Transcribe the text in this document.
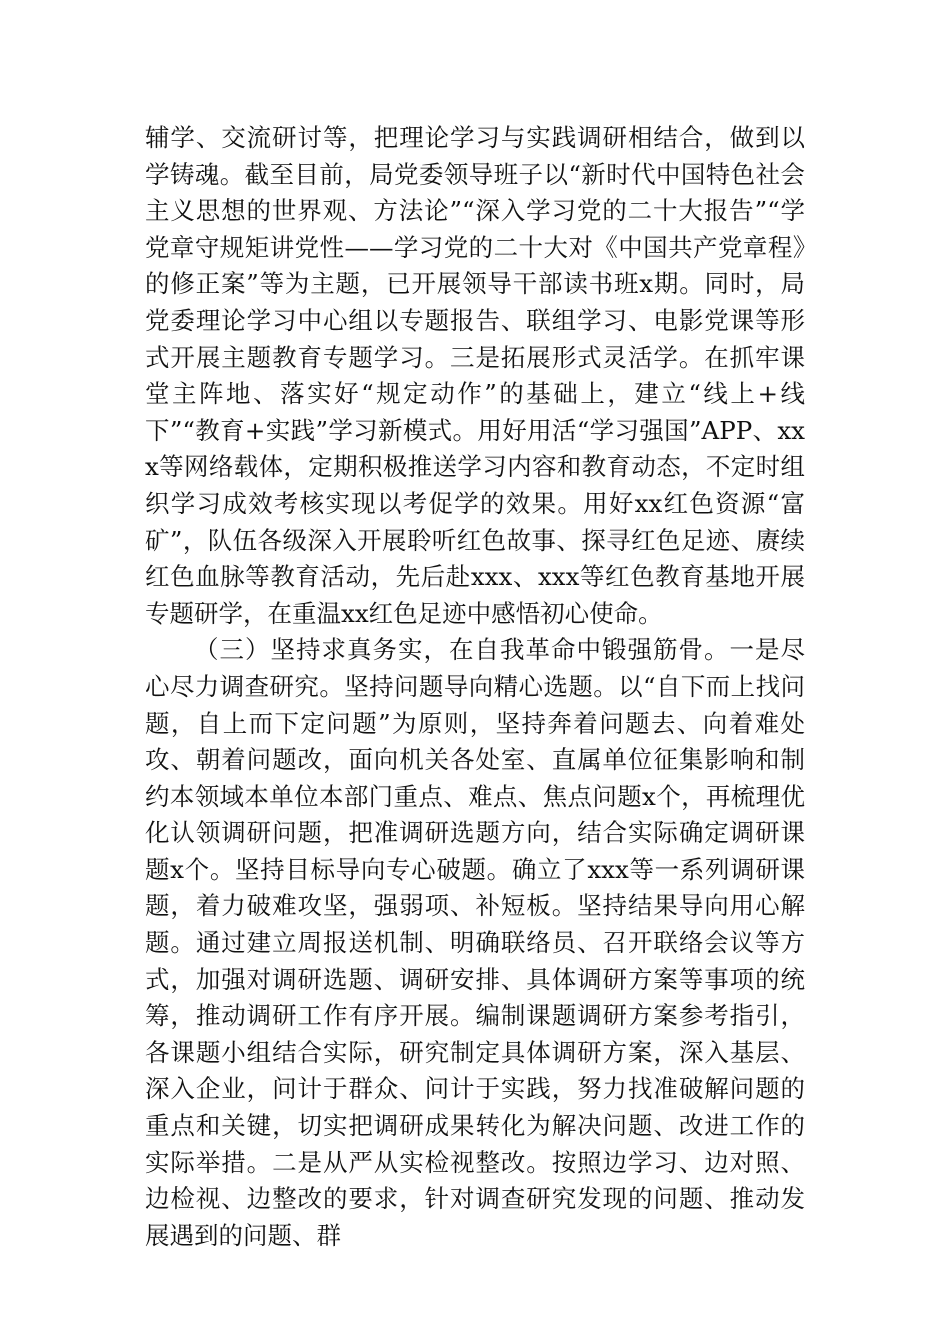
辅学、交流研讨等，把理论学习与实践调研相结合，做到以学铸魂。截至目前，局党委领导班子以“新时代中国特色社会主义思想的世界观、方法论”“深入学习党的二十大报告”“学党章守规矩讲党性——学习党的二十大对《中国共产党章程》的修正案”等为主题，已开展领导干部读书班x期。同时，局党委理论学习中心组以专题报告、联组学习、电影党课等形式开展主题教育专题学习。三是拓展形式灵活学。在抓牢课堂主阵地、落实好“规定动作”的基础上，建立“线上+线下”“教育+实践”学习新模式。用好用活“学习强国”APP、xxx等网络载体，定期积极推送学习内容和教育动态，不定时组织学习成效考核实现以考促学的效果。用好xx红色资源“富矿”，队伍各级深入开展聆听红色故事、探寻红色足迹、赓续红色血脉等教育活动，先后赴xxx、xxx等红色教育基地开展专题研学，在重温xx红色足迹中感悟初心使命。

（三）坚持求真务实，在自我革命中锻强筋骨。一是尽心尽力调查研究。坚持问题导向精心选题。以“自下而上找问题，自上而下定问题”为原则，坚持奔着问题去、向着难处攻、朝着问题改，面向机关各处室、直属单位征集影响和制约本领域本单位本部门重点、难点、焦点问题x个，再梳理优化认领调研问题，把准调研选题方向，结合实际确定调研课题x个。坚持目标导向专心破题。确立了xxx等一系列调研课题，着力破难攻坚，强弱项、补短板。坚持结果导向用心解题。通过建立周报送机制、明确联络员、召开联络会议等方式，加强对调研选题、调研安排、具体调研方案等事项的统筹，推动调研工作有序开展。编制课题调研方案参考指引，各课题小组结合实际，研究制定具体调研方案，深入基层、深入企业，问计于群众、问计于实践，努力找准破解问题的重点和关键，切实把调研成果转化为解决问题、改进工作的实际举措。二是从严从实检视整改。按照边学习、边对照、边检视、边整改的要求，针对调查研究发现的问题、推动发展遇到的问题、群
